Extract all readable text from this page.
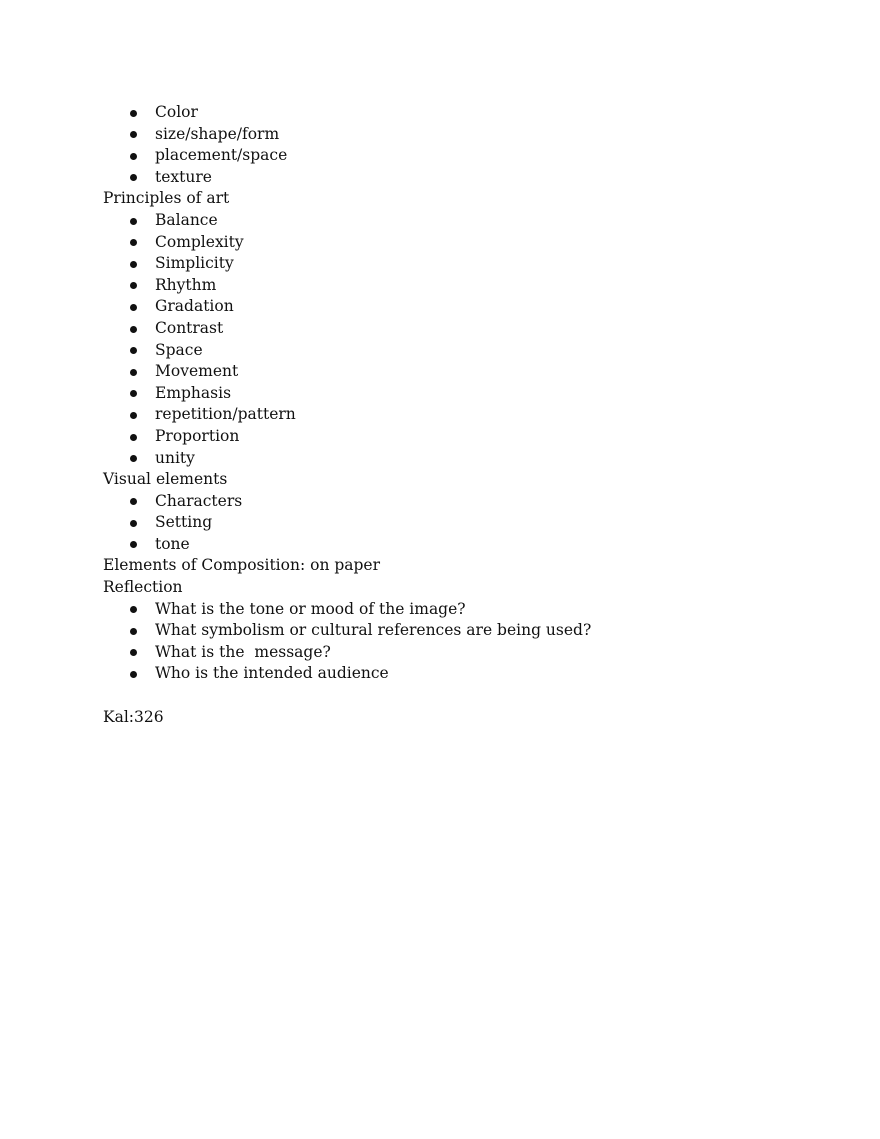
Color
size/shape/form
placement/space
texture
Principles of art
Balance
Complexity
Simplicity
Rhythm
Gradation
Contrast
Space
Movement
Emphasis
repetition/pattern
Proportion
unity
Visual elements
Characters
Setting
tone
Elements of Composition: on paper
Reflection
What is the tone or mood of the image?
What symbolism or cultural references are being used?
What is the  message?
Who is the intended audience
Kal:326
